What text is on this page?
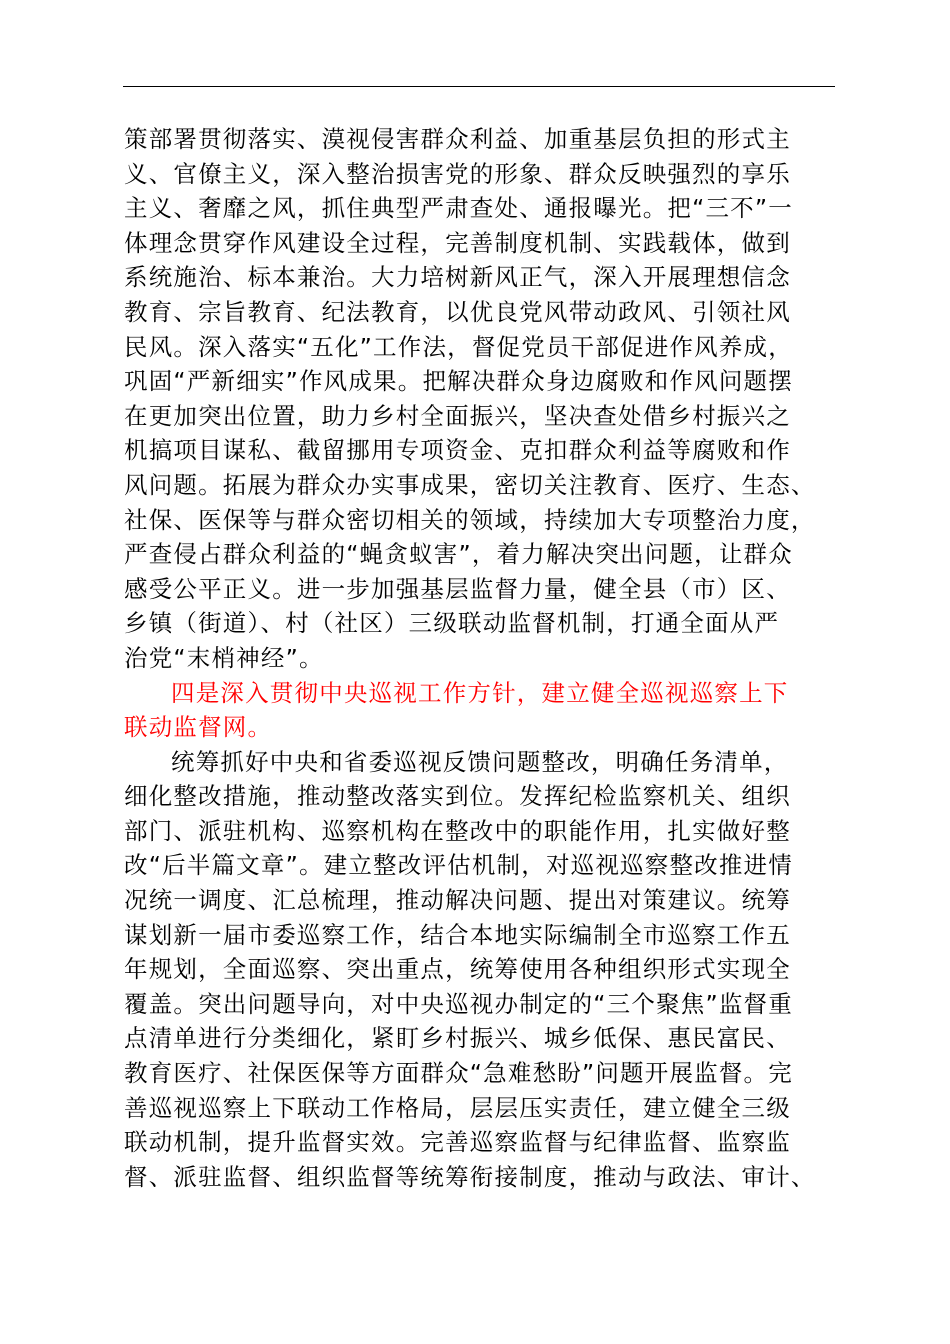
策部署贯彻落实、漠视侵害群众利益、加重基层负担的形式主
义、官僚主义，深入整治损害党的形象、群众反映强烈的享乐
主义、奢靡之风，抓住典型严肃查处、通报曝光。把“三不”一
体理念贯穿作风建设全过程，完善制度机制、实践载体，做到
系统施治、标本兼治。大力培树新风正气，深入开展理想信念
教育、宗旨教育、纪法教育，以优良党风带动政风、引领社风
民风。深入落实“五化”工作法，督促党员干部促进作风养成，
巩固“严新细实”作风成果。把解决群众身边腐败和作风问题摆
在更加突出位置，助力乡村全面振兴，坚决查处借乡村振兴之
机搞项目谋私、截留挪用专项资金、克扣群众利益等腐败和作
风问题。拓展为群众办实事成果，密切关注教育、医疗、生态、
社保、医保等与群众密切相关的领域，持续加大专项整治力度，
严查侵占群众利益的“蝇贪蚁害”，着力解决突出问题，让群众
感受公平正义。进一步加强基层监督力量，健全县（市）区、
乡镇（街道）、村（社区）三级联动监督机制，打通全面从严
治党“末梢神经”。
四是深入贯彻中央巡视工作方针，建立健全巡视巡察上下
联动监督网。
统筹抓好中央和省委巡视反馈问题整改，明确任务清单，
细化整改措施，推动整改落实到位。发挥纪检监察机关、组织
部门、派驻机构、巡察机构在整改中的职能作用，扎实做好整
改“后半篇文章”。建立整改评估机制，对巡视巡察整改推进情
况统一调度、汇总梳理，推动解决问题、提出对策建议。统筹
谋划新一届市委巡察工作，结合本地实际编制全市巡察工作五
年规划，全面巡察、突出重点，统筹使用各种组织形式实现全
覆盖。突出问题导向，对中央巡视办制定的“三个聚焦”监督重
点清单进行分类细化，紧盯乡村振兴、城乡低保、惠民富民、
教育医疗、社保医保等方面群众“急难愁盼”问题开展监督。完
善巡视巡察上下联动工作格局，层层压实责任，建立健全三级
联动机制，提升监督实效。完善巡察监督与纪律监督、监察监
督、派驻监督、组织监督等统筹衔接制度，推动与政法、审计、
